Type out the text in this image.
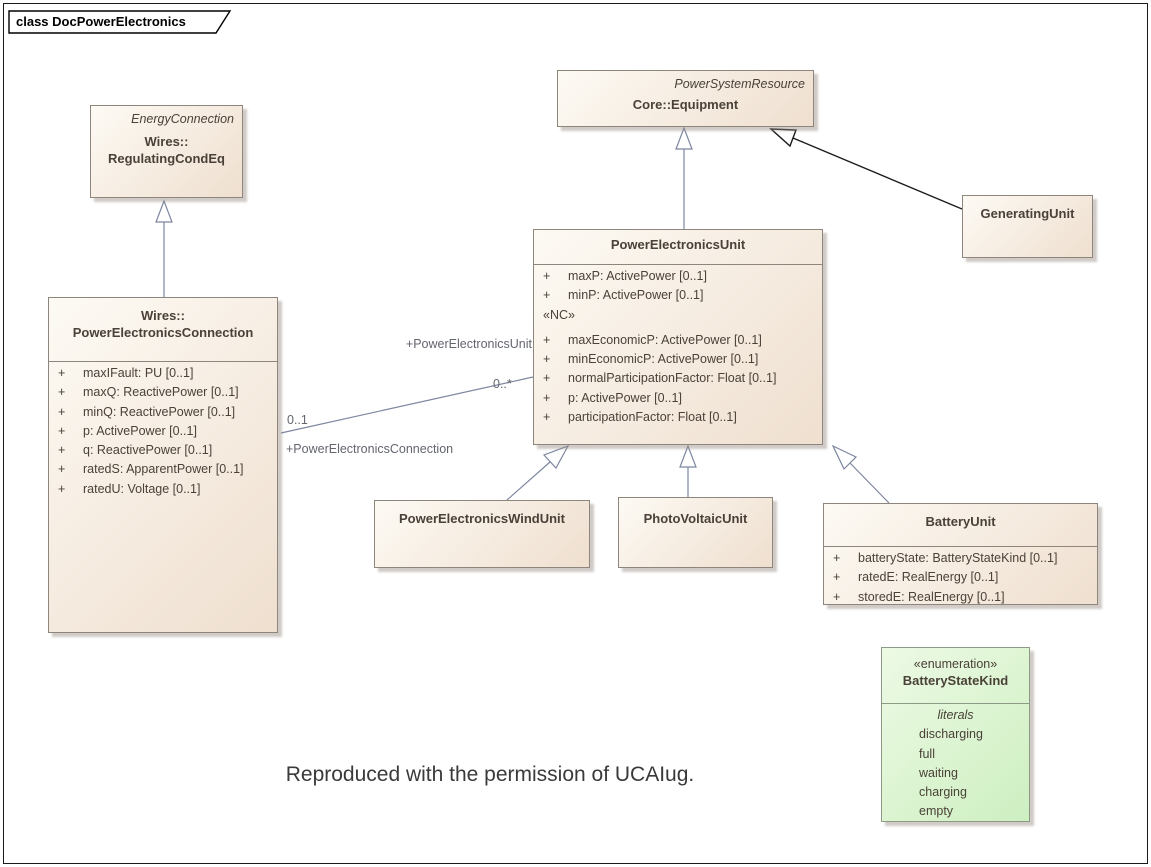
class DocPowerElectronics
EnergyConnection
Wires::
RegulatingCondEq
PowerSystemResource
Core::Equipment
GeneratingUnit
PowerElectronicsUnit
+ maxP: ActivePower [0..1]
+ minP: ActivePower [0..1]
«NC»
+ maxEconomicP: ActivePower [0..1]
+ minEconomicP: ActivePower [0..1]
+ normalParticipationFactor: Float [0..1]
+ p: ActivePower [0..1]
+ participationFactor: Float [0..1]
Wires::
PowerElectronicsConnection
+ maxIFault: PU [0..1]
+ maxQ: ReactivePower [0..1]
+ minQ: ReactivePower [0..1]
+ p: ActivePower [0..1]
+ q: ReactivePower [0..1]
+ ratedS: ApparentPower [0..1]
+ ratedU: Voltage [0..1]
PowerElectronicsWindUnit	PhotoVoltaicUnit	BatteryUnit
+ batteryState: BatteryStateKind [0..1]
+ ratedE: RealEnergy [0..1]
+ storedE: RealEnergy [0..1]
«enumeration»
BatteryStateKind
literals
discharging
full
waiting
charging
empty
+PowerElectronicsUnit
0..*
0..1
+PowerElectronicsConnection
Reproduced with the permission of UCAIug.
